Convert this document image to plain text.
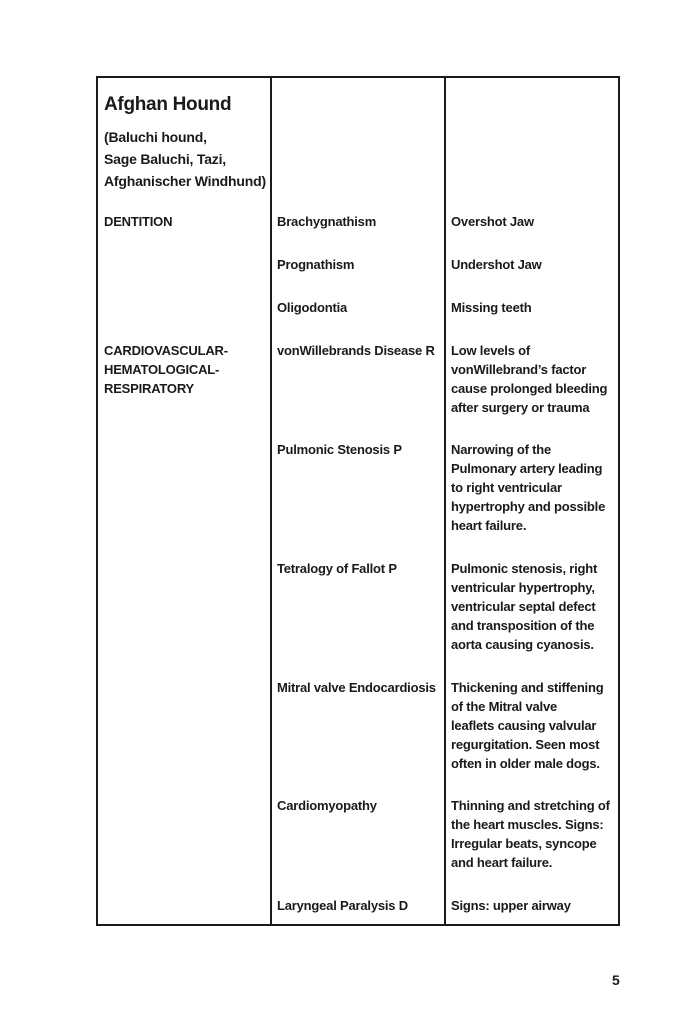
Afghan Hound
(Baluchi hound,
Sage Baluchi, Tazi,
Afghanischer Windhund)
DENTITION
CARDIOVASCULAR-
HEMATOLOGICAL-
RESPIRATORY
Brachygnathism
Prognathism
Oligodontia
vonWillebrands Disease R
Pulmonic Stenosis P
Tetralogy of Fallot P
Mitral valve Endocardiosis
Cardiomyopathy
Laryngeal Paralysis D
Overshot Jaw
Undershot Jaw
Missing teeth
Low levels of
vonWillebrand’s factor
cause prolonged bleeding
after surgery or trauma
Narrowing of the
Pulmonary artery leading
to right ventricular
hypertrophy and possible
heart failure.
Pulmonic stenosis, right
ventricular hypertrophy,
ventricular septal defect
and transposition of the
aorta causing cyanosis.
Thickening and stiffening
of the Mitral valve
leaflets causing valvular
regurgitation. Seen most
often in older male dogs.
Thinning and stretching of
the heart muscles. Signs:
Irregular beats, syncope
and heart failure.
Signs: upper airway
5
